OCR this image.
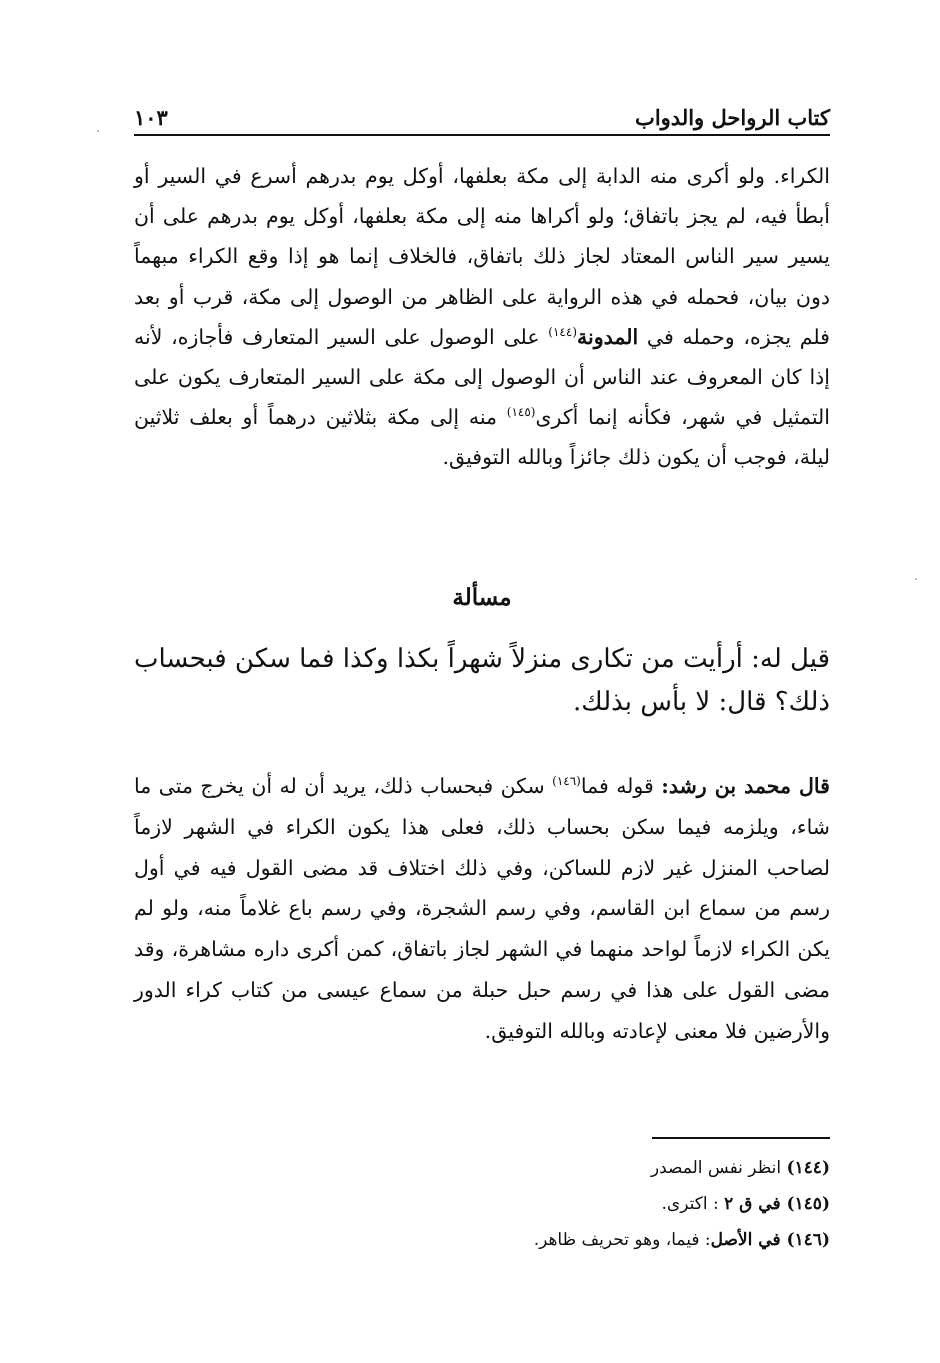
كتاب الرواحل والدواب
١٠٣
الكراء. ولو أكرى منه الدابة إلى مكة بعلفها، أوكل يوم بدرهم أسرع في السير أو أبطأ فيه، لم يجز باتفاق؛ ولو أكراها منه إلى مكة بعلفها، أوكل يوم بدرهم على أن يسير سير الناس المعتاد لجاز ذلك باتفاق، فالخلاف إنما هو إذا وقع الكراء مبهماً دون بيان، فحمله في هذه الرواية على الظاهر من الوصول إلى مكة، قرب أو بعد فلم يجزه، وحمله في المدونة$^{(١٤٤)}$ على الوصول على السير المتعارف فأجازه، لأنه إذا كان المعروف عند الناس أن الوصول إلى مكة على السير المتعارف يكون على التمثيل في شهر، فكأنه إنما أكرى$^{(١٤٥)}$ منه إلى مكة بثلاثين درهماً أو بعلف ثلاثين ليلة، فوجب أن يكون ذلك جائزاً وبالله التوفيق.
مسألة
قيل له: أرأيت من تكارى منزلاً شهراً بكذا وكذا فما سكن فبحساب ذلك؟ قال: لا بأس بذلك.
قال محمد بن رشد: قوله فما$^{(١٤٦)}$ سكن فبحساب ذلك، يريد أن له أن يخرج متى ما شاء، ويلزمه فيما سكن بحساب ذلك، فعلى هذا يكون الكراء في الشهر لازماً لصاحب المنزل غير لازم للساكن، وفي ذلك اختلاف قد مضى القول فيه في أول رسم من سماع ابن القاسم، وفي رسم الشجرة، وفي رسم باع غلاماً منه، ولو لم يكن الكراء لازماً لواحد منهما في الشهر لجاز باتفاق، كمن أكرى داره مشاهرة، وقد مضى القول على هذا في رسم حبل حبلة من سماع عيسى من كتاب كراء الدور والأرضين فلا معنى لإعادته وبالله التوفيق.
(١٤٤) انظر نفس المصدر
(١٤٥) في ق ٢ : اكترى.
(١٤٦) في الأصل: فيما، وهو تحريف ظاهر.
